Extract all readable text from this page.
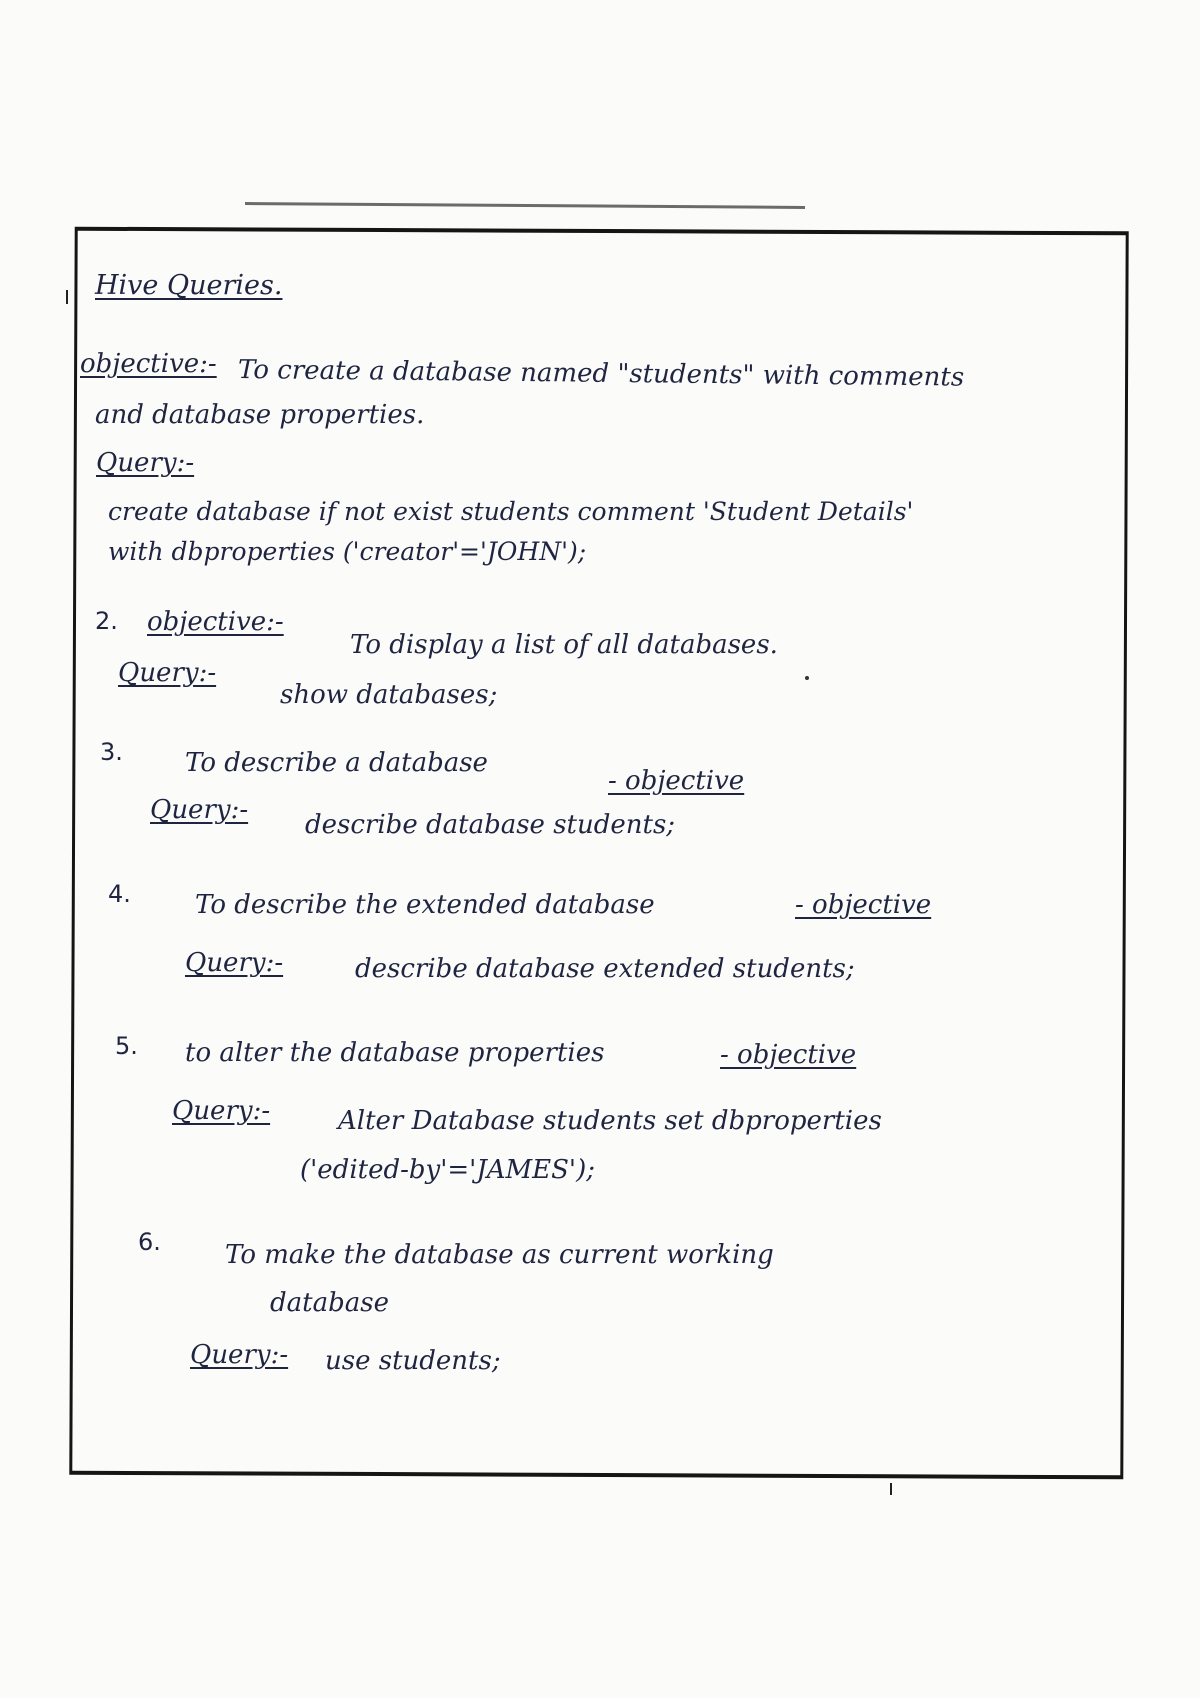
Hive Queries.
objective:- To create a database named "students" with comments
and database properties.
Query:-
create database if not exist students comment 'Student Details'
with dbproperties ('creator'='JOHN');
2. objective:-
To display a list of all databases.
Query:-
show databases;
3. To describe a database
- objective
Query:- describe database students;
4. To describe the extended database	- objective
Query:-	describe database extended students;
5. to alter the database properties	- objective
Query:-	Alter Database students set dbproperties
('edited-by'='JAMES');
6. To make the database as current working
database
Query:- use students;
